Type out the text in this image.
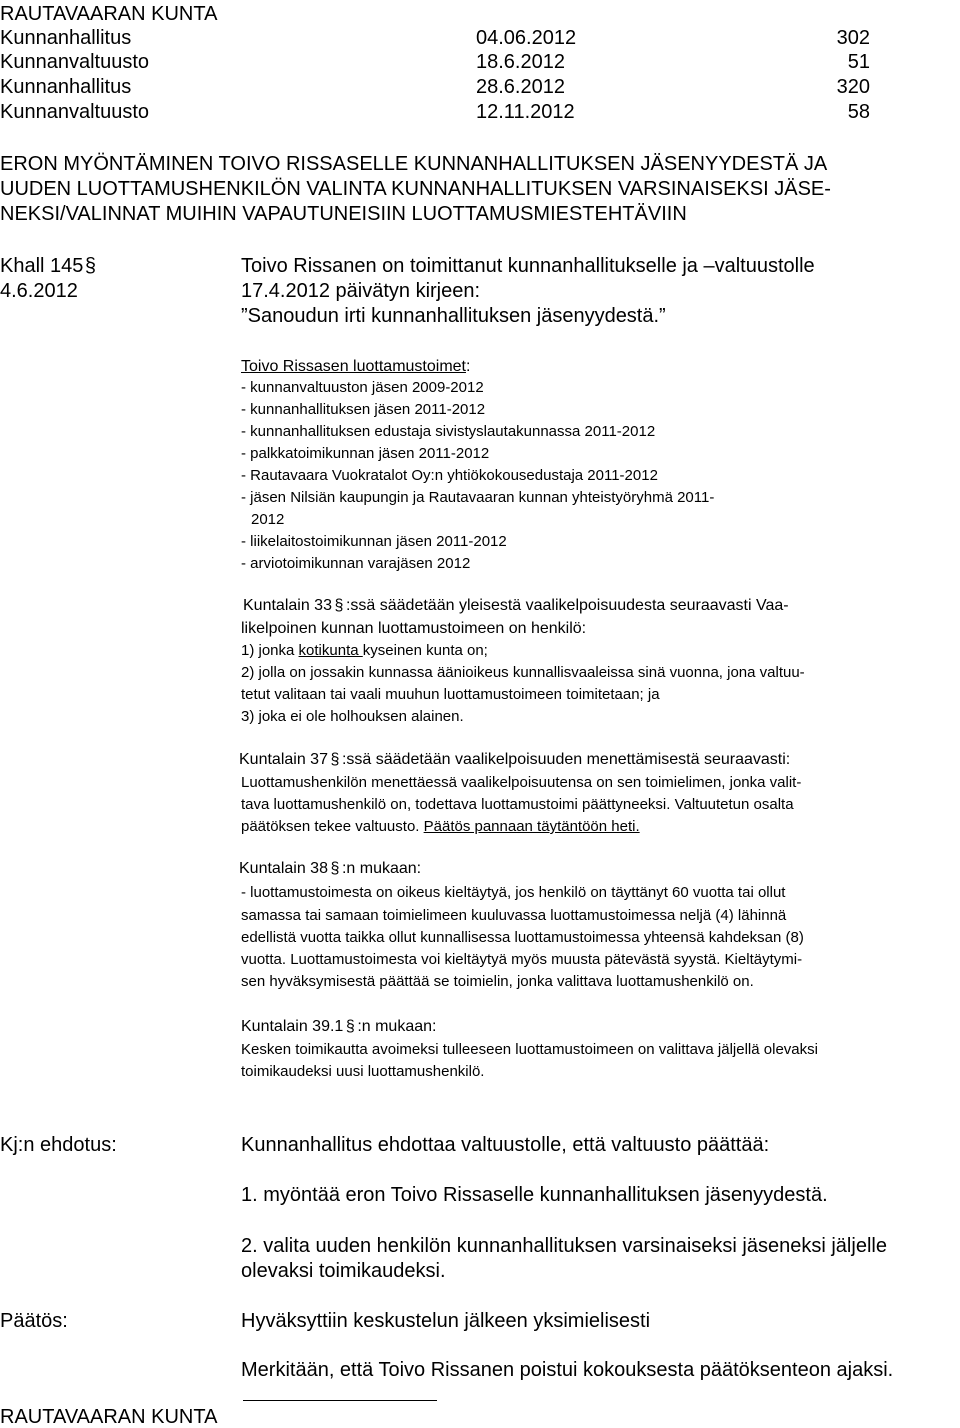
RAUTAVAARAN KUNTA
Kunnanhallitus	04.06.2012	302
Kunnanvaltuusto	18.6.2012	51
Kunnanhallitus	28.6.2012	320
Kunnanvaltuusto	12.11.2012	58
ERON MYÖNTÄMINEN TOIVO RISSASELLE KUNNANHALLITUKSEN JÄSENYYDESTÄ JA
UUDEN LUOTTAMUSHENKILÖN VALINTA KUNNANHALLITUKSEN VARSINAISEKSI JÄSE-
NEKSI/VALINNAT MUIHIN VAPAUTUNEISIIN LUOTTAMUSMIESTEHTÄVIIN
Khall 145§
4.6.2012
Toivo Rissanen on toimittanut kunnanhallitukselle ja –valtuustolle
17.4.2012 päivätyn kirjeen:
”Sanoudun irti kunnanhallituksen jäsenyydestä.”
Toivo Rissasen luottamustoimet:
- kunnanvaltuuston jäsen 2009-2012
- kunnanhallituksen jäsen 2011-2012
- kunnanhallituksen edustaja sivistyslautakunnassa 2011-2012
- palkkatoimikunnan jäsen 2011-2012
- Rautavaara Vuokratalot Oy:n yhtiökokousedustaja 2011-2012
- jäsen Nilsiän kaupungin ja Rautavaaran kunnan yhteistyöryhmä 2011-
2012
- liikelaitostoimikunnan jäsen 2011-2012
- arviotoimikunnan varajäsen 2012
Kuntalain 33 § :ssä säädetään yleisestä vaalikelpoisuudesta seuraavasti Vaa-
likelpoinen kunnan luottamustoimeen on henkilö:
1) jonka kotikunta kyseinen kunta on;
2) jolla on jossakin kunnassa äänioikeus kunnallisvaaleissa sinä vuonna, jona valtuu-
tetut valitaan tai vaali muuhun luottamustoimeen toimitetaan; ja
3) joka ei ole holhouksen alainen.
Kuntalain 37 § :ssä säädetään vaalikelpoisuuden menettämisestä seuraavasti:
Luottamushenkilön menettäessä vaalikelpoisuutensa on sen toimielimen, jonka valit-
tava luottamushenkilö on, todettava luottamustoimi päättyneeksi. Valtuutetun osalta
päätöksen tekee valtuusto. Päätös pannaan täytäntöön heti.
Kuntalain 38 § :n mukaan:
- luottamustoimesta on oikeus kieltäytyä, jos henkilö on täyttänyt 60 vuotta tai ollut
samassa tai samaan toimielimeen kuuluvassa luottamustoimessa neljä (4) lähinnä
edellistä vuotta taikka ollut kunnallisessa luottamustoimessa yhteensä kahdeksan (8)
vuotta. Luottamustoimesta voi kieltäytyä myös muusta pätevästä syystä. Kieltäytymi-
sen hyväksymisestä päättää se toimielin, jonka valittava luottamushenkilö on.
Kuntalain 39.1 § :n mukaan:
Kesken toimikautta avoimeksi tulleeseen luottamustoimeen on valittava jäljellä olevaksi
toimikaudeksi uusi luottamushenkilö.
Kj:n ehdotus:	Kunnanhallitus ehdottaa valtuustolle, että valtuusto päättää:
1. myöntää eron Toivo Rissaselle kunnanhallituksen jäsenyydestä.
2. valita uuden henkilön kunnanhallituksen varsinaiseksi jäseneksi jäljelle
olevaksi toimikaudeksi.
Päätös:	Hyväksyttiin keskustelun jälkeen yksimielisesti
Merkitään, että Toivo Rissanen poistui kokouksesta päätöksenteon ajaksi.
RAUTAVAARAN KUNTA
